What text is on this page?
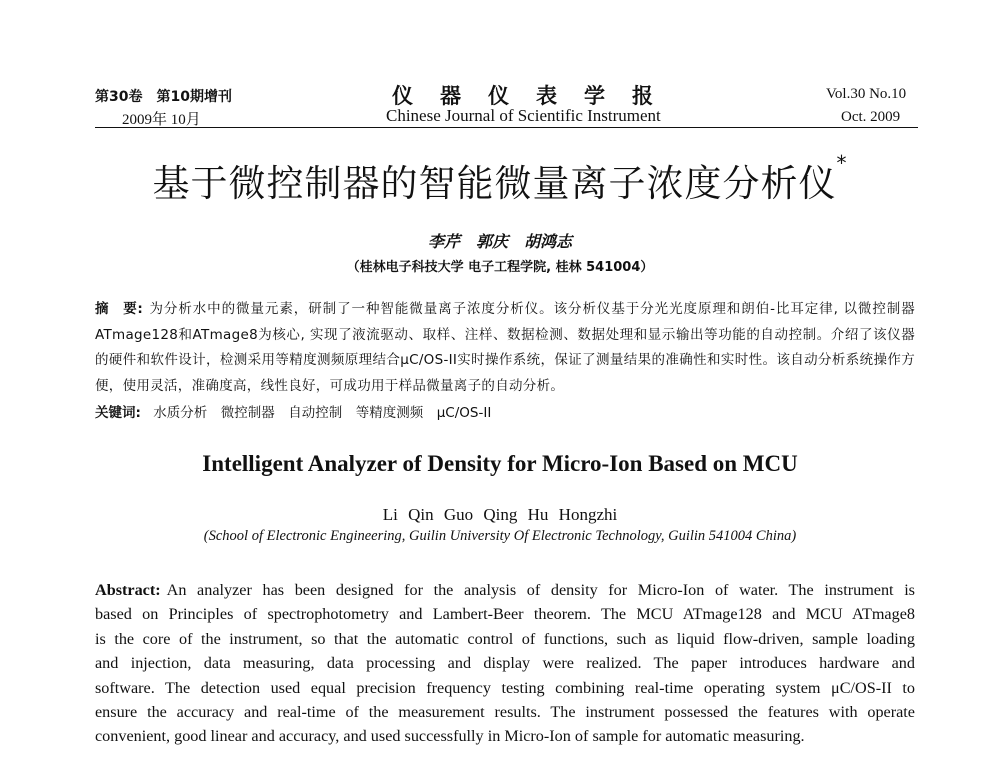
第30卷　第10期增刊
2009年 10月
仪器仪表学报
Chinese Journal of Scientific Instrument
Vol.30 No.10
Oct. 2009
基于微控制器的智能微量离子浓度分析仪*
李芹　郭庆　胡鸿志
（桂林电子科技大学 电子工程学院, 桂林 541004）
摘　要: 为分析水中的微量元素，研制了一种智能微量离子浓度分析仪。该分析仪基于分光光度原理和朗伯-比耳定律, 以微控制器ATmage128和ATmage8为核心, 实现了液流驱动、取样、注样、数据检测、数据处理和显示输出等功能的自动控制。介绍了该仪器的硬件和软件设计，检测采用等精度测频原理结合μC/OS-II实时操作系统，保证了测量结果的准确性和实时性。该自动分析系统操作方便，使用灵活，准确度高，线性良好，可成功用于样品微量离子的自动分析。
关键词: 水质分析　微控制器　自动控制　等精度测频　μC/OS-II
Intelligent Analyzer of Density for Micro-Ion Based on MCU
Li Qin Guo Qing Hu Hongzhi
(School of Electronic Engineering, Guilin University Of Electronic Technology, Guilin 541004 China)
Abstract: An analyzer has been designed for the analysis of density for Micro-Ion of water. The instrument is
based on Principles of spectrophotometry and Lambert-Beer theorem. The MCU ATmage128 and MCU ATmage8
is the core of the instrument, so that the automatic control of functions, such as liquid flow-driven, sample loading
and injection, data measuring, data processing and display were realized. The paper introduces hardware and
software. The detection used equal precision frequency testing combining real-time operating system μC/OS-II to
ensure the accuracy and real-time of the measurement results. The instrument possessed the features with operate
convenient, good linear and accuracy, and used successfully in Micro-Ion of sample for automatic measuring.
